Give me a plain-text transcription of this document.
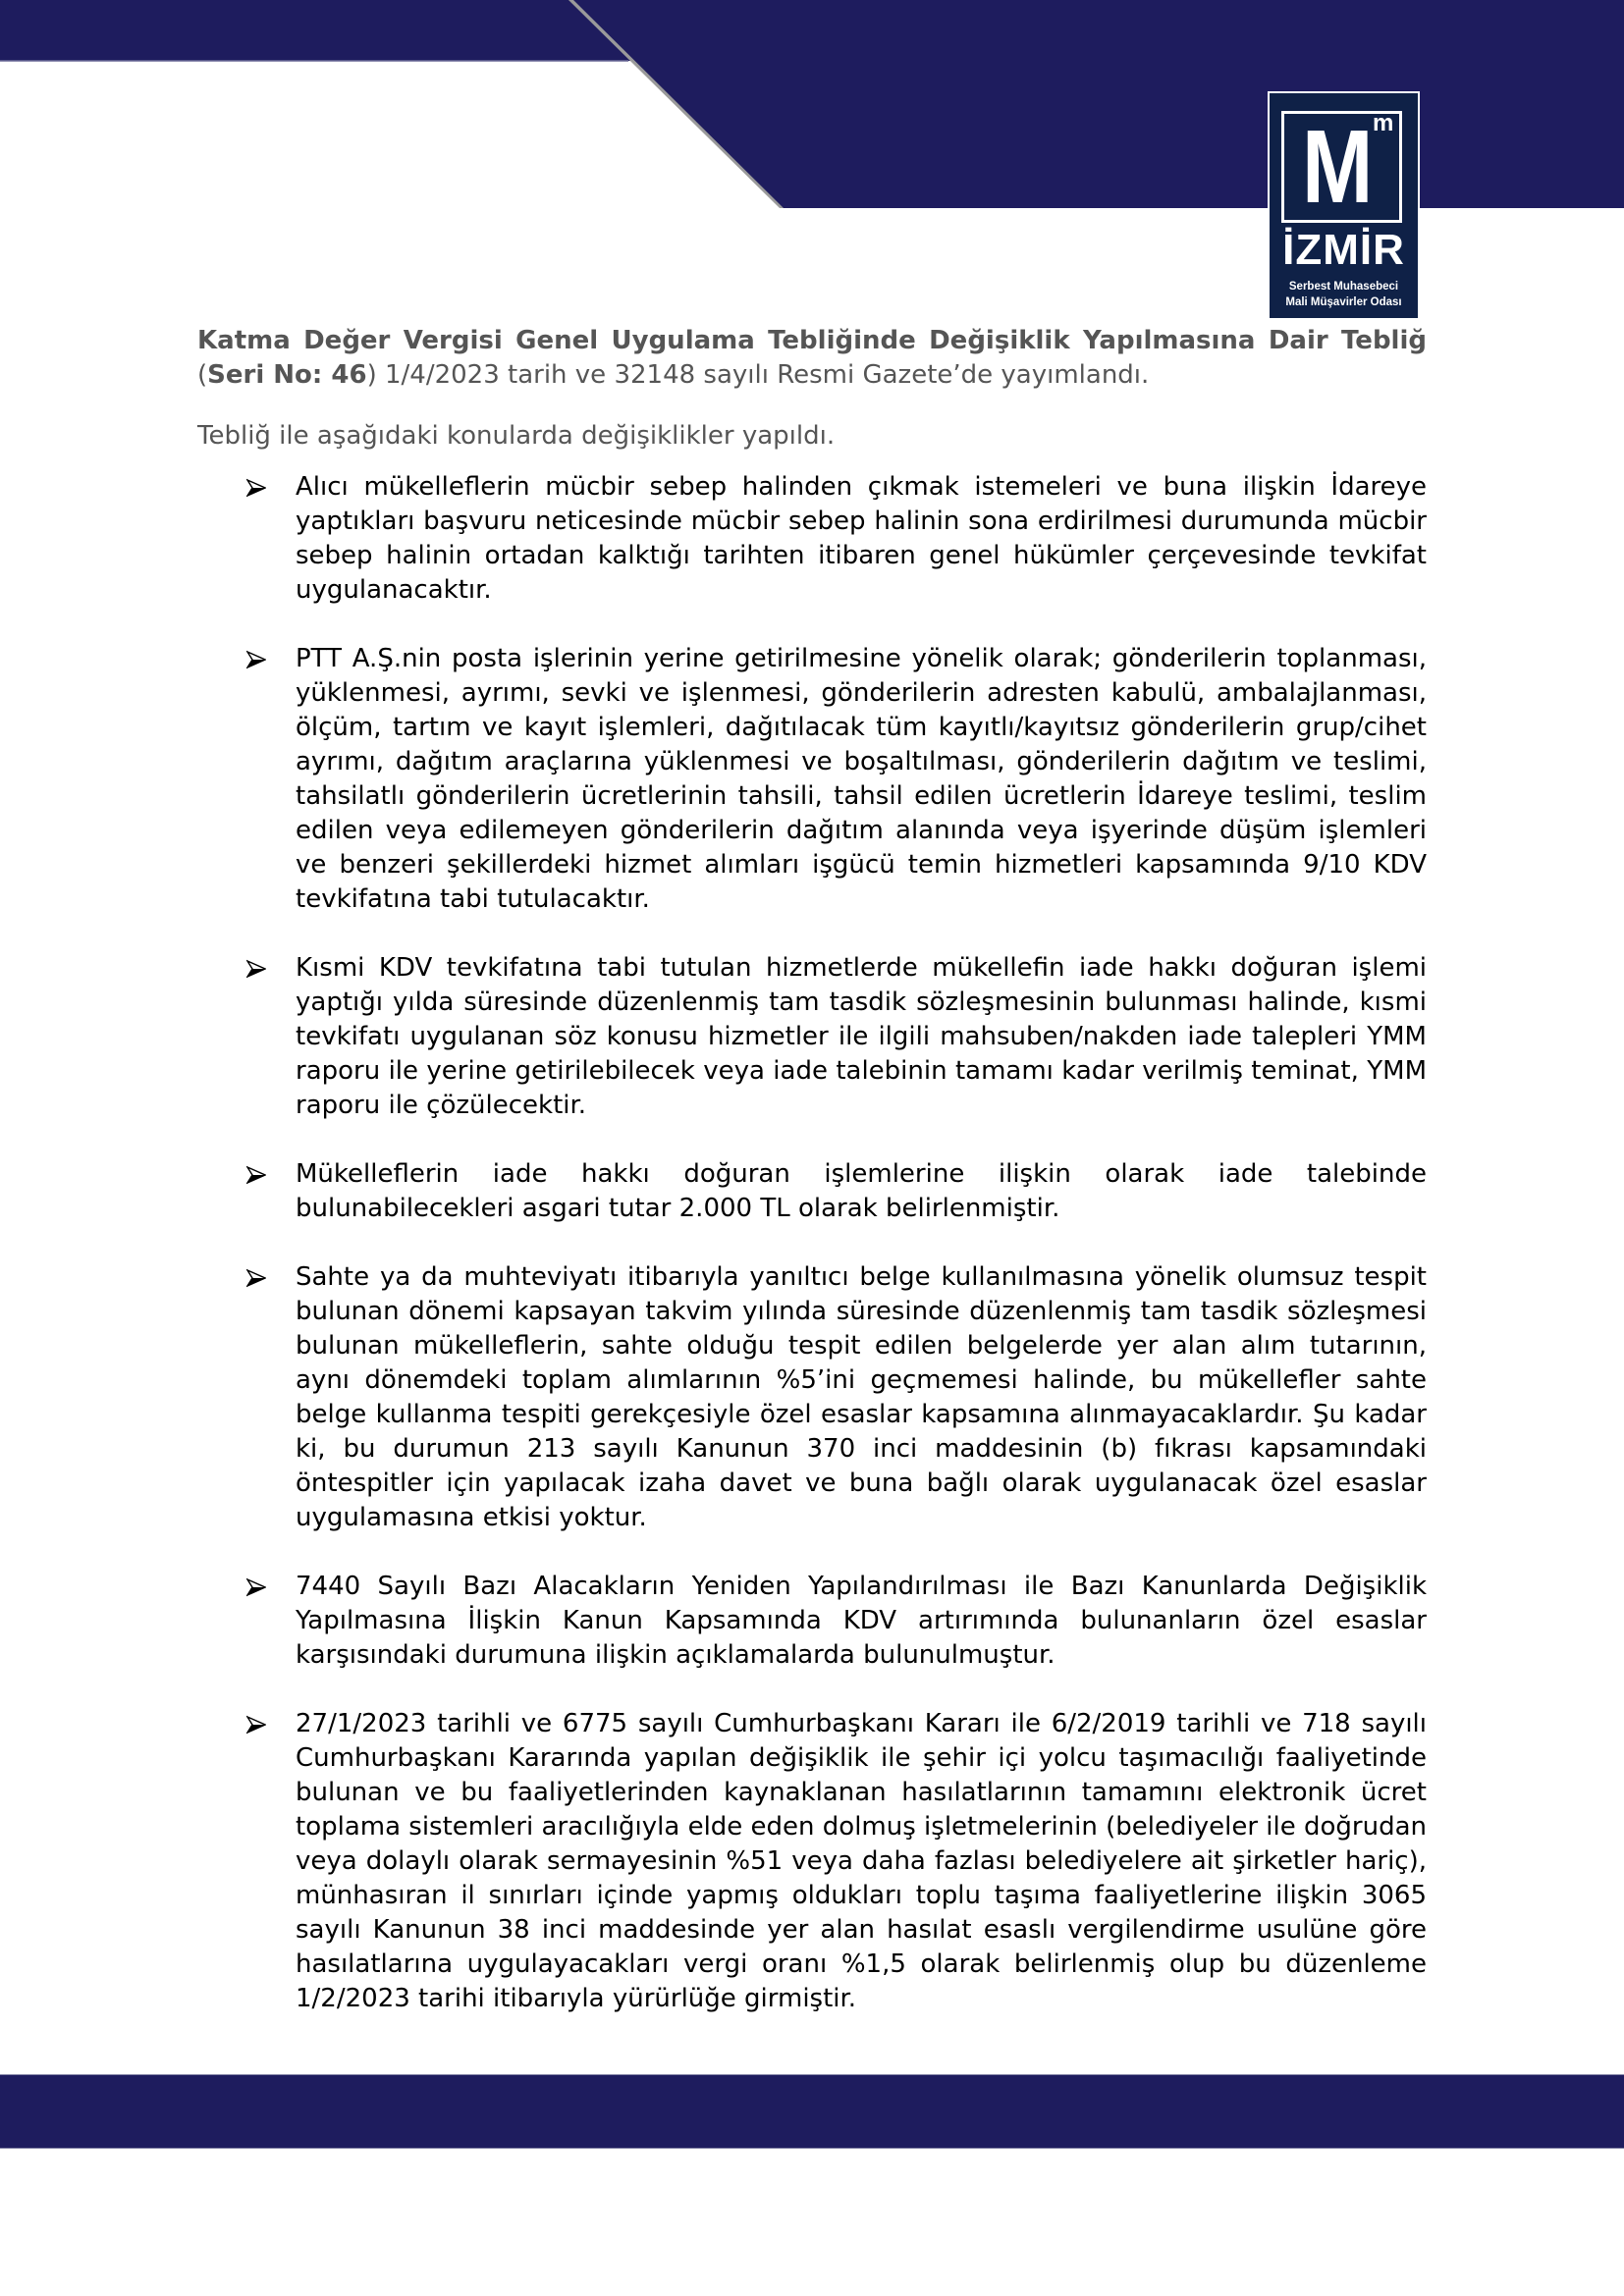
M m
İZMİR
Serbest Muhasebeci
Mali Müşavirler Odası

Katma Değer Vergisi Genel Uygulama Tebliğinde Değişiklik Yapılmasına Dair Tebliğ (Seri No: 46) 1/4/2023 tarih ve 32148 sayılı Resmi Gazete’de yayımlandı.

Tebliğ ile aşağıdaki konularda değişiklikler yapıldı.

Alıcı mükelleflerin mücbir sebep halinden çıkmak istemeleri ve buna ilişkin İdareye yaptıkları başvuru neticesinde mücbir sebep halinin sona erdirilmesi durumunda mücbir sebep halinin ortadan kalktığı tarihten itibaren genel hükümler çerçevesinde tevkifat uygulanacaktır.
PTT A.Ş.nin posta işlerinin yerine getirilmesine yönelik olarak; gönderilerin toplanması, yüklenmesi, ayrımı, sevki ve işlenmesi, gönderilerin adresten kabulü, ambalajlanması, ölçüm, tartım ve kayıt işlemleri, dağıtılacak tüm kayıtlı/kayıtsız gönderilerin grup/cihet ayrımı, dağıtım araçlarına yüklenmesi ve boşaltılması, gönderilerin dağıtım ve teslimi, tahsilatlı gönderilerin ücretlerinin tahsili, tahsil edilen ücretlerin İdareye teslimi, teslim edilen veya edilemeyen gönderilerin dağıtım alanında veya işyerinde düşüm işlemleri ve benzeri şekillerdeki hizmet alımları işgücü temin hizmetleri kapsamında 9/10 KDV tevkifatına tabi tutulacaktır.
Kısmi KDV tevkifatına tabi tutulan hizmetlerde mükellefin iade hakkı doğuran işlemi yaptığı yılda süresinde düzenlenmiş tam tasdik sözleşmesinin bulunması halinde, kısmi tevkifatı uygulanan söz konusu hizmetler ile ilgili mahsuben/nakden iade talepleri YMM raporu ile yerine getirilebilecek veya iade talebinin tamamı kadar verilmiş teminat, YMM raporu ile çözülecektir.
Mükelleflerin iade hakkı doğuran işlemlerine ilişkin olarak iade talebinde bulunabilecekleri asgari tutar 2.000 TL olarak belirlenmiştir.
Sahte ya da muhteviyatı itibarıyla yanıltıcı belge kullanılmasına yönelik olumsuz tespit bulunan dönemi kapsayan takvim yılında süresinde düzenlenmiş tam tasdik sözleşmesi bulunan mükelleflerin, sahte olduğu tespit edilen belgelerde yer alan alım tutarının, aynı dönemdeki toplam alımlarının %5’ini geçmemesi halinde, bu mükellefler sahte belge kullanma tespiti gerekçesiyle özel esaslar kapsamına alınmayacaklardır. Şu kadar ki, bu durumun 213 sayılı Kanunun 370 inci maddesinin (b) fıkrası kapsamındaki öntespitler için yapılacak izaha davet ve buna bağlı olarak uygulanacak özel esaslar uygulamasına etkisi yoktur.
7440 Sayılı Bazı Alacakların Yeniden Yapılandırılması ile Bazı Kanunlarda Değişiklik Yapılmasına İlişkin Kanun Kapsamında KDV artırımında bulunanların özel esaslar karşısındaki durumuna ilişkin açıklamalarda bulunulmuştur.
27/1/2023 tarihli ve 6775 sayılı Cumhurbaşkanı Kararı ile 6/2/2019 tarihli ve 718 sayılı Cumhurbaşkanı Kararında yapılan değişiklik ile şehir içi yolcu taşımacılığı faaliyetinde bulunan ve bu faaliyetlerinden kaynaklanan hasılatlarının tamamını elektronik ücret toplama sistemleri aracılığıyla elde eden dolmuş işletmelerinin (belediyeler ile doğrudan veya dolaylı olarak sermayesinin %51 veya daha fazlası belediyelere ait şirketler hariç), münhasıran il sınırları içinde yapmış oldukları toplu taşıma faaliyetlerine ilişkin 3065 sayılı Kanunun 38 inci maddesinde yer alan hasılat esaslı vergilendirme usulüne göre hasılatlarına uygulayacakları vergi oranı %1,5 olarak belirlenmiş olup bu düzenleme 1/2/2023 tarihi itibarıyla yürürlüğe girmiştir.
